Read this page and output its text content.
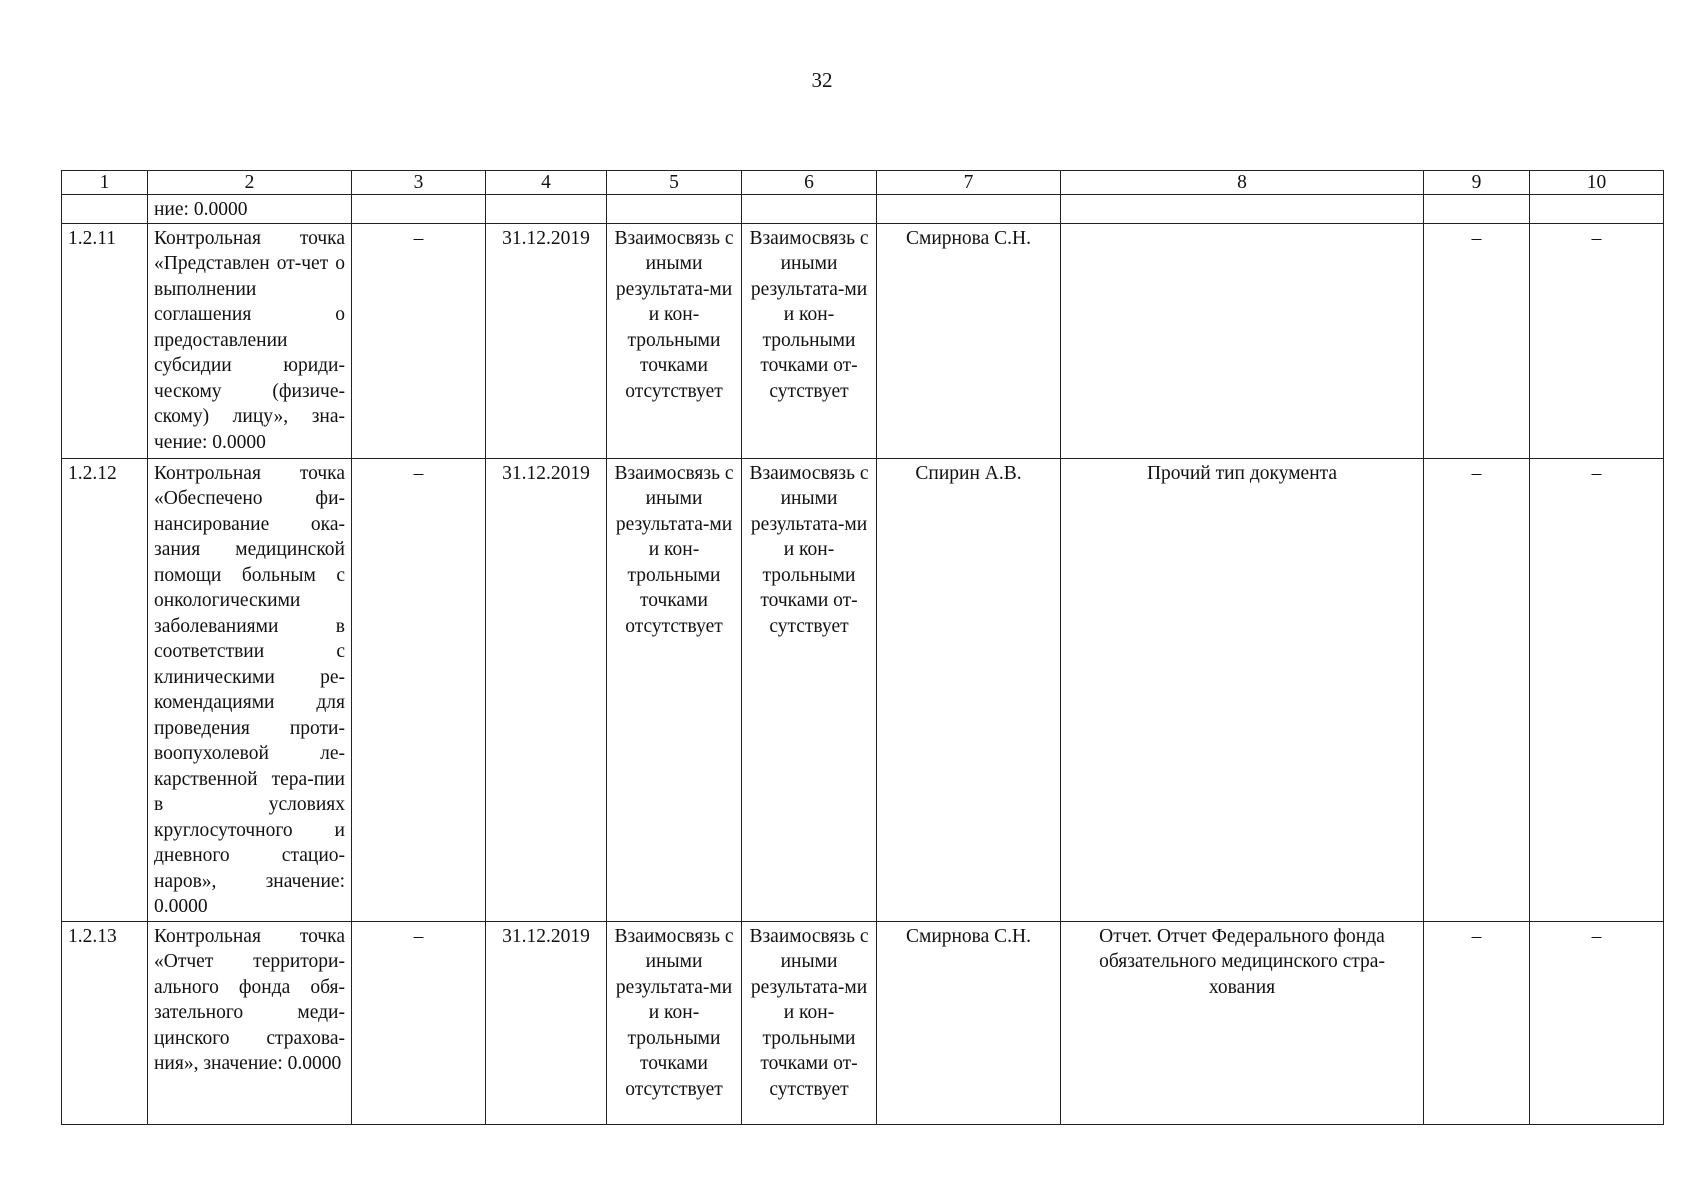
32
1	2	3	4	5	6	7	8	9	10
	ние: 0.0000								
1.2.11	Контрольная точка «Представлен от-чет о выполнении соглашения о предоставлении субсидии юриди-ческому (физиче-скому) лицу», зна-чение: 0.0000	–	31.12.2019	Взаимосвязь с иными результата-ми и кон-трольными точками отсутствует	Взаимосвязь с иными результата-ми и кон-трольными точками от-сутствует	Смирнова С.Н.		–	–
1.2.12	Контрольная точка «Обеспечено фи-нансирование ока-зания медицинской помощи больным с онкологическими заболеваниями в соответствии с клиническими ре-комендациями для проведения проти-воопухолевой ле-карственной тера-пии в условиях круглосуточного и дневного стацио-наров», значение: 0.0000	–	31.12.2019	Взаимосвязь с иными результата-ми и кон-трольными точками отсутствует	Взаимосвязь с иными результата-ми и кон-трольными точками от-сутствует	Спирин А.В.	Прочий тип документа	–	–
1.2.13	Контрольная точка «Отчет территори-ального фонда обя-зательного меди-цинского страхова-ния», значение: 0.0000	–	31.12.2019	Взаимосвязь с иными результата-ми и кон-трольными точками отсутствует	Взаимосвязь с иными результата-ми и кон-трольными точками от-сутствует	Смирнова С.Н.	Отчет. Отчет Федерального фонда обязательного медицинского стра-хования	–	–
